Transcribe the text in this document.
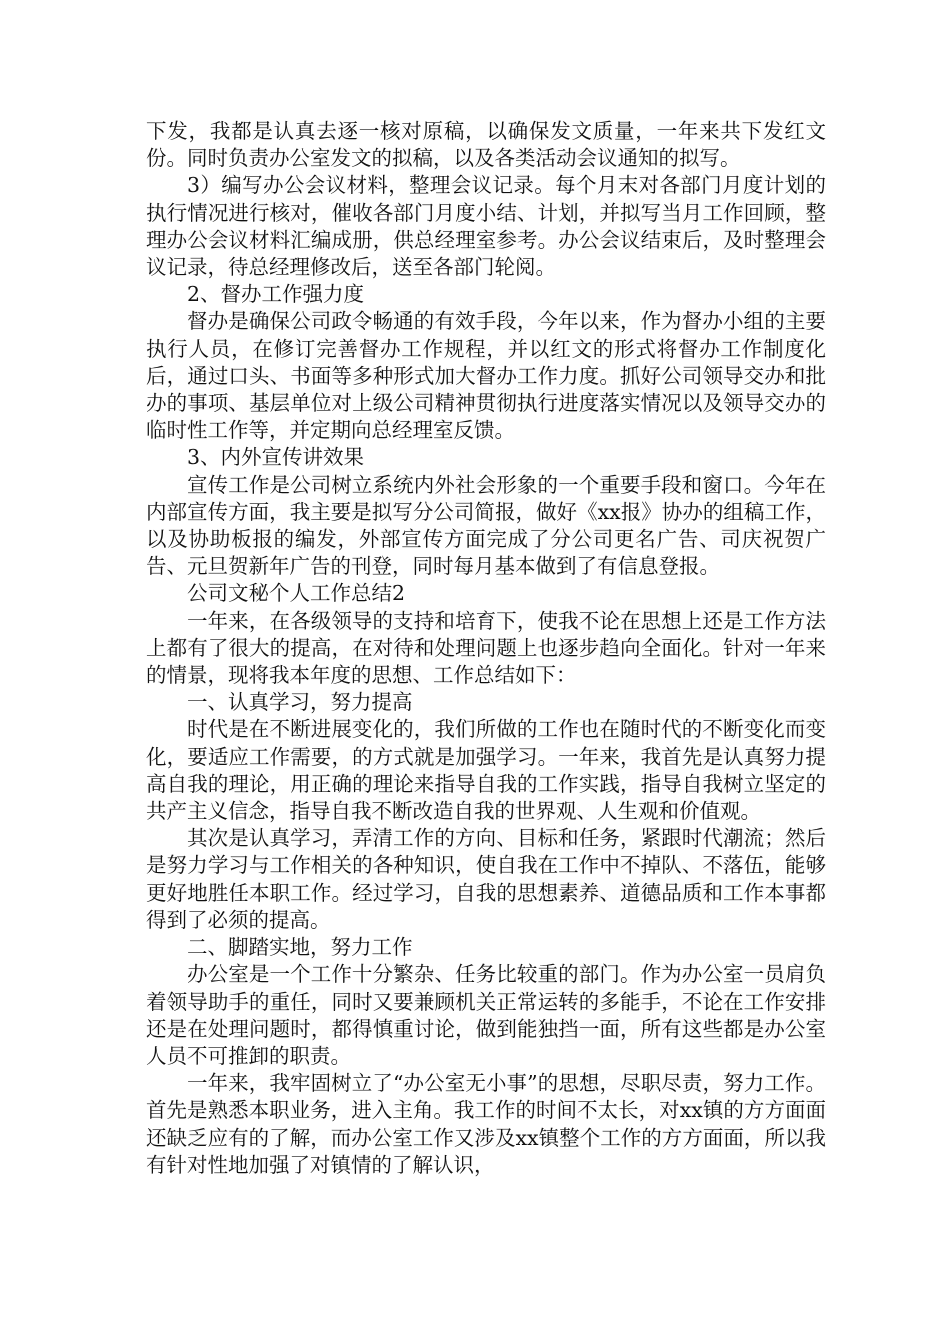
下发，我都是认真去逐一核对原稿，以确保发文质量，一年来共下发红文份。同时负责办公室发文的拟稿，以及各类活动会议通知的拟写。

3）编写办公会议材料，整理会议记录。每个月末对各部门月度计划的执行情况进行核对，催收各部门月度小结、计划，并拟写当月工作回顾，整理办公会议材料汇编成册，供总经理室参考。办公会议结束后，及时整理会议记录，待总经理修改后，送至各部门轮阅。

2、督办工作强力度

督办是确保公司政令畅通的有效手段，今年以来，作为督办小组的主要执行人员，在修订完善督办工作规程，并以红文的形式将督办工作制度化后，通过口头、书面等多种形式加大督办工作力度。抓好公司领导交办和批办的事项、基层单位对上级公司精神贯彻执行进度落实情况以及领导交办的临时性工作等，并定期向总经理室反馈。

3、内外宣传讲效果

宣传工作是公司树立系统内外社会形象的一个重要手段和窗口。今年在内部宣传方面，我主要是拟写分公司简报，做好《xx报》协办的组稿工作，以及协助板报的编发，外部宣传方面完成了分公司更名广告、司庆祝贺广告、元旦贺新年广告的刊登，同时每月基本做到了有信息登报。

公司文秘个人工作总结2

一年来，在各级领导的支持和培育下，使我不论在思想上还是工作方法上都有了很大的提高，在对待和处理问题上也逐步趋向全面化。针对一年来的情景，现将我本年度的思想、工作总结如下：

一、认真学习，努力提高

时代是在不断进展变化的，我们所做的工作也在随时代的不断变化而变化，要适应工作需要，的方式就是加强学习。一年来，我首先是认真努力提高自我的理论，用正确的理论来指导自我的工作实践，指导自我树立坚定的共产主义信念，指导自我不断改造自我的世界观、人生观和价值观。

其次是认真学习，弄清工作的方向、目标和任务，紧跟时代潮流；然后是努力学习与工作相关的各种知识，使自我在工作中不掉队、不落伍，能够更好地胜任本职工作。经过学习，自我的思想素养、道德品质和工作本事都得到了必须的提高。

二、脚踏实地，努力工作

办公室是一个工作十分繁杂、任务比较重的部门。作为办公室一员肩负着领导助手的重任，同时又要兼顾机关正常运转的多能手，不论在工作安排还是在处理问题时，都得慎重讨论，做到能独挡一面，所有这些都是办公室人员不可推卸的职责。

一年来，我牢固树立了“办公室无小事”的思想，尽职尽责，努力工作。首先是熟悉本职业务，进入主角。我工作的时间不太长，对xx镇的方方面面还缺乏应有的了解，而办公室工作又涉及xx镇整个工作的方方面面，所以我有针对性地加强了对镇情的了解认识，
